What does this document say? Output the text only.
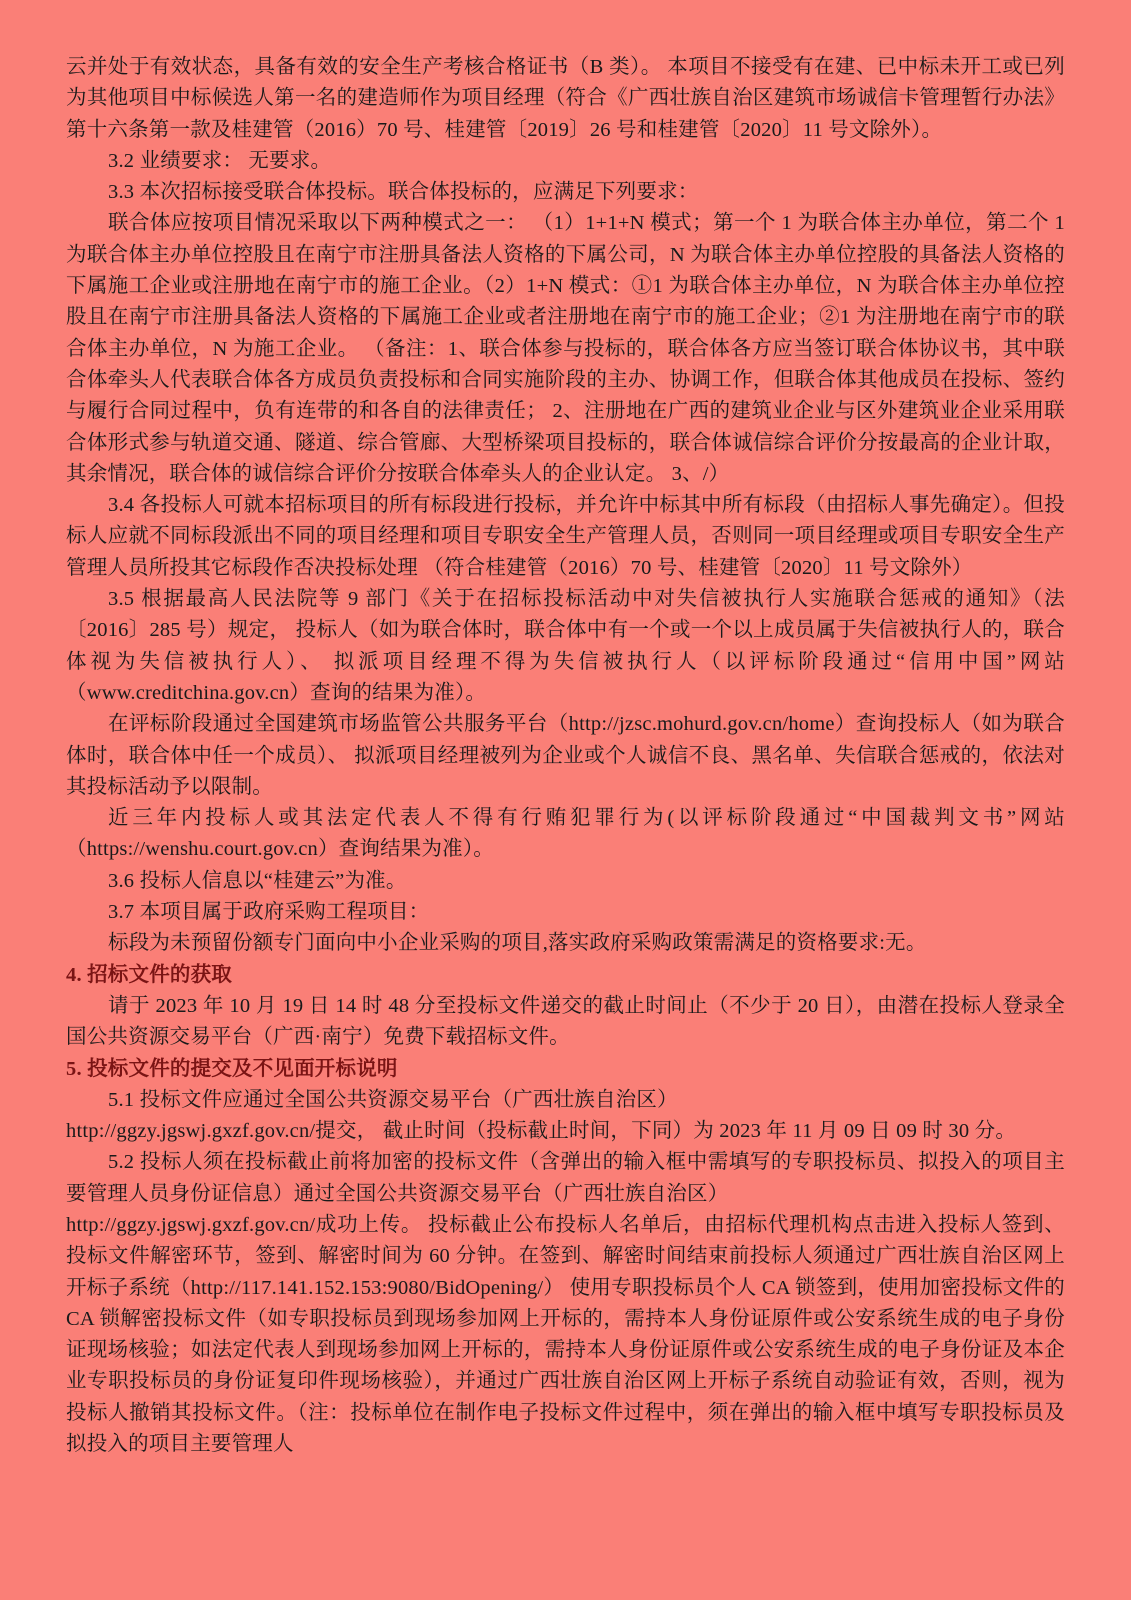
云并处于有效状态，具备有效的安全生产考核合格证书（B 类）。 本项目不接受有在建、已中标未开工或已列为其他项目中标候选人第一名的建造师作为项目经理（符合《广西壮族自治区建筑市场诚信卡管理暂行办法》第十六条第一款及桂建管（2016）70 号、桂建管〔2019〕26 号和桂建管〔2020〕11 号文除外）。

3.2 业绩要求： 无要求。

3.3 本次招标接受联合体投标。联合体投标的，应满足下列要求：

联合体应按项目情况采取以下两种模式之一： （1）1+1+N 模式；第一个 1 为联合体主办单位，第二个 1 为联合体主办单位控股且在南宁市注册具备法人资格的下属公司，N 为联合体主办单位控股的具备法人资格的下属施工企业或注册地在南宁市的施工企业。（2）1+N 模式：①1 为联合体主办单位，N 为联合体主办单位控股且在南宁市注册具备法人资格的下属施工企业或者注册地在南宁市的施工企业；②1 为注册地在南宁市的联合体主办单位，N 为施工企业。 （备注：1、联合体参与投标的，联合体各方应当签订联合体协议书，其中联合体牵头人代表联合体各方成员负责投标和合同实施阶段的主办、协调工作，但联合体其他成员在投标、签约与履行合同过程中，负有连带的和各自的法律责任； 2、注册地在广西的建筑业企业与区外建筑业企业采用联合体形式参与轨道交通、隧道、综合管廊、大型桥梁项目投标的，联合体诚信综合评价分按最高的企业计取，其余情况，联合体的诚信综合评价分按联合体牵头人的企业认定。 3、/）

3.4 各投标人可就本招标项目的所有标段进行投标，并允许中标其中所有标段（由招标人事先确定）。但投标人应就不同标段派出不同的项目经理和项目专职安全生产管理人员，否则同一项目经理或项目专职安全生产管理人员所投其它标段作否决投标处理 （符合桂建管（2016）70 号、桂建管〔2020〕11 号文除外）

3.5 根据最高人民法院等 9 部门《关于在招标投标活动中对失信被执行人实施联合惩戒的通知》（法〔2016〕285 号）规定， 投标人（如为联合体时，联合体中有一个或一个以上成员属于失信被执行人的，联合体视为失信被执行人）、 拟派项目经理不得为失信被执行人（以评标阶段通过“信用中国”网站（www.creditchina.gov.cn）查询的结果为准）。

在评标阶段通过全国建筑市场监管公共服务平台（http://jzsc.mohurd.gov.cn/home）查询投标人（如为联合体时，联合体中任一个成员）、 拟派项目经理被列为企业或个人诚信不良、黑名单、失信联合惩戒的，依法对其投标活动予以限制。

近三年内投标人或其法定代表人不得有行贿犯罪行为(以评标阶段通过“中国裁判文书”网站（https://wenshu.court.gov.cn）查询结果为准）。

3.6 投标人信息以“桂建云”为准。

3.7 本项目属于政府采购工程项目：

标段为未预留份额专门面向中小企业采购的项目,落实政府采购政策需满足的资格要求:无。

4. 招标文件的获取

请于 2023 年 10 月 19 日 14 时 48 分至投标文件递交的截止时间止（不少于 20 日），由潜在投标人登录全国公共资源交易平台（广西·南宁）免费下载招标文件。

5. 投标文件的提交及不见面开标说明

5.1 投标文件应通过全国公共资源交易平台（广西壮族自治区）

http://ggzy.jgswj.gxzf.gov.cn/提交， 截止时间（投标截止时间，下同）为 2023 年 11 月 09 日 09 时 30 分。

5.2 投标人须在投标截止前将加密的投标文件（含弹出的输入框中需填写的专职投标员、拟投入的项目主要管理人员身份证信息）通过全国公共资源交易平台（广西壮族自治区）

http://ggzy.jgswj.gxzf.gov.cn/成功上传。 投标截止公布投标人名单后，由招标代理机构点击进入投标人签到、投标文件解密环节，签到、解密时间为 60 分钟。在签到、解密时间结束前投标人须通过广西壮族自治区网上开标子系统（http://117.141.152.153:9080/BidOpening/） 使用专职投标员个人 CA 锁签到，使用加密投标文件的 CA 锁解密投标文件（如专职投标员到现场参加网上开标的，需持本人身份证原件或公安系统生成的电子身份证现场核验；如法定代表人到现场参加网上开标的，需持本人身份证原件或公安系统生成的电子身份证及本企业专职投标员的身份证复印件现场核验），并通过广西壮族自治区网上开标子系统自动验证有效，否则，视为投标人撤销其投标文件。（注：投标单位在制作电子投标文件过程中，须在弹出的输入框中填写专职投标员及拟投入的项目主要管理人
